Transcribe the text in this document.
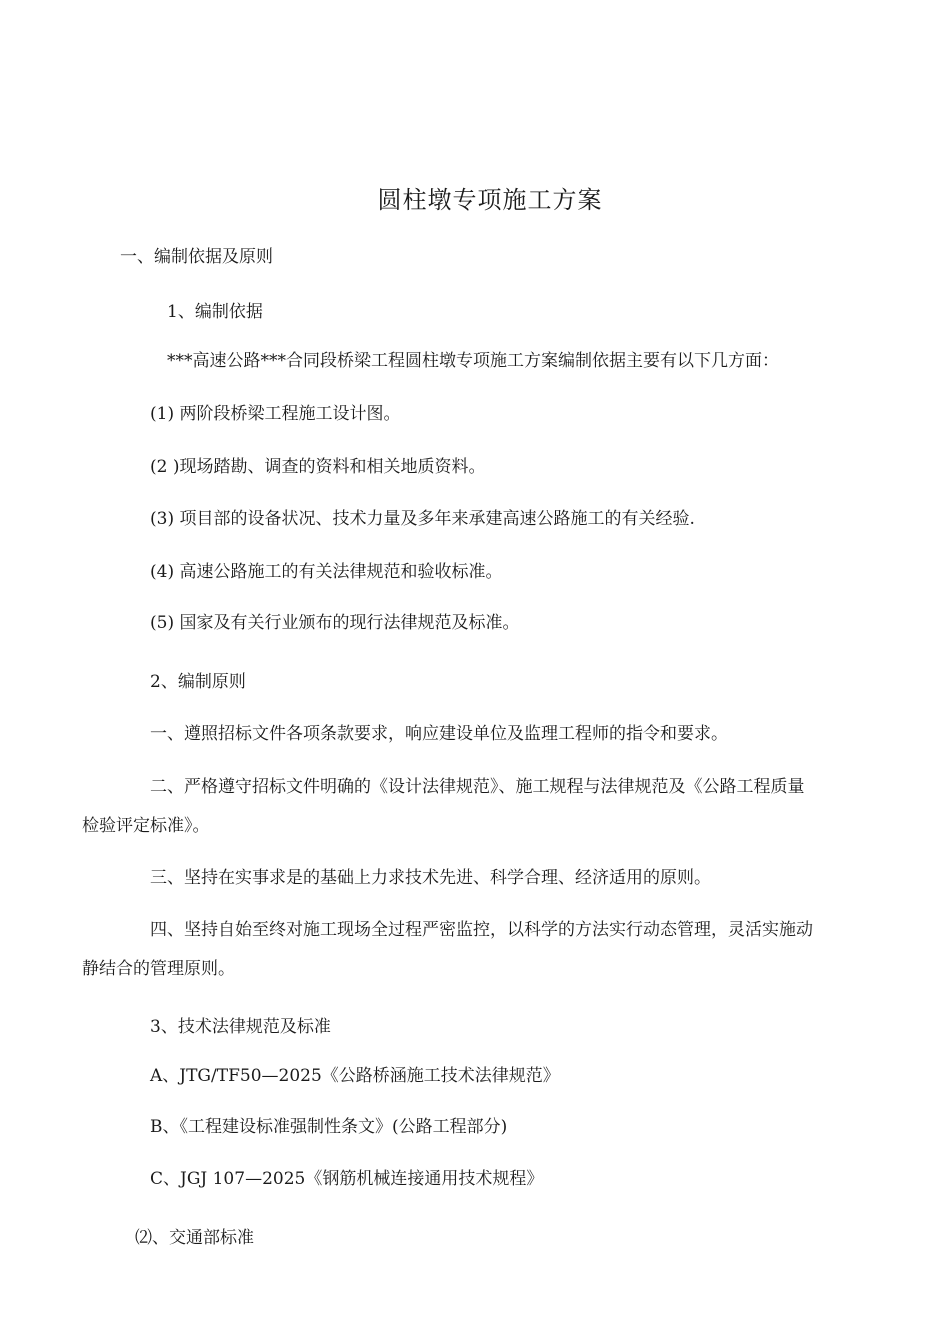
圆柱墩专项施工方案
一、编制依据及原则
1、编制依据
***高速公路***合同段桥梁工程圆柱墩专项施工方案编制依据主要有以下几方面：
(1) 两阶段桥梁工程施工设计图。
(2 )现场踏勘、调查的资料和相关地质资料。
(3) 项目部的设备状况、技术力量及多年来承建高速公路施工的有关经验.
(4) 高速公路施工的有关法律规范和验收标准。
(5) 国家及有关行业颁布的现行法律规范及标准。
2、编制原则
一、遵照招标文件各项条款要求，响应建设单位及监理工程师的指令和要求。
二、严格遵守招标文件明确的《设计法律规范》、施工规程与法律规范及《公路工程质量
检验评定标准》。
三、坚持在实事求是的基础上力求技术先进、科学合理、经济适用的原则。
四、坚持自始至终对施工现场全过程严密监控，以科学的方法实行动态管理，灵活实施动
静结合的管理原则。
3、技术法律规范及标准
A、JTG/TF50—2025《公路桥涵施工技术法律规范》
B、《工程建设标准强制性条文》(公路工程部分)
C、JGJ 107—2025《钢筋机械连接通用技术规程》
⑵、交通部标准
